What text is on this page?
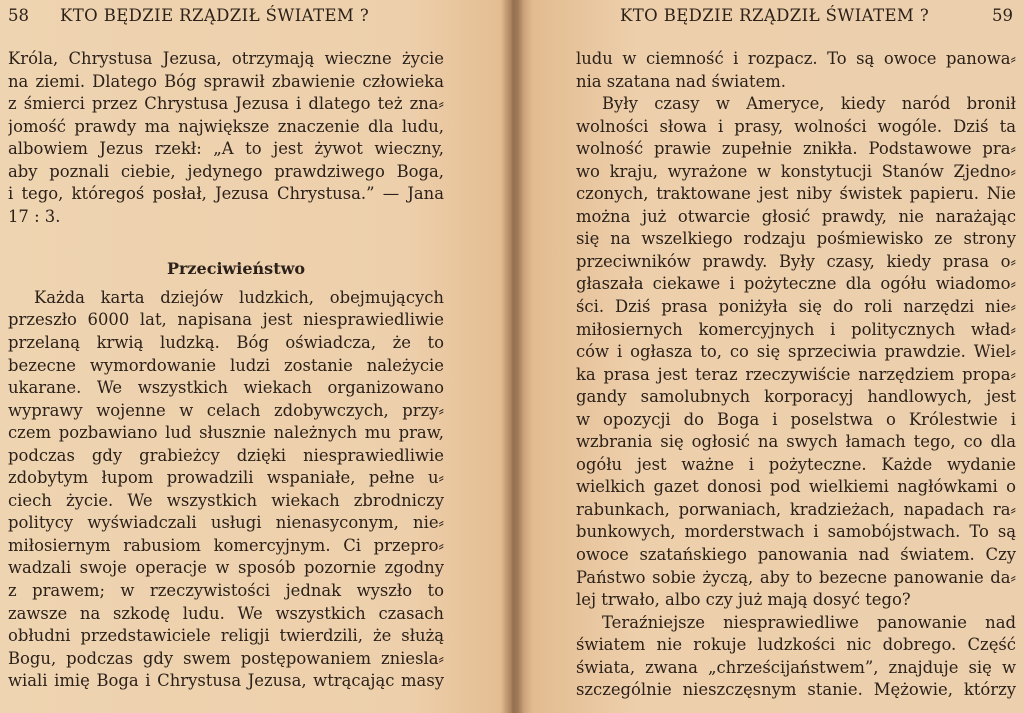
58 KTO BĘDZIE RZĄDZIŁ ŚWIATEM ?
Króla, Chrystusa Jezusa, otrzymają wieczne życie
na ziemi. Dlatego Bóg sprawił zbawienie człowieka
z śmierci przez Chrystusa Jezusa i dlatego też zna⸗
jomość prawdy ma największe znaczenie dla ludu,
albowiem Jezus rzekł: „A to jest żywot wieczny,
aby poznali ciebie, jedynego prawdziwego Boga,
i tego, któregoś posłał, Jezusa Chrystusa.” — Jana
17 : 3.
Przeciwieństwo
Każda karta dziejów ludzkich, obejmujących
przeszło 6000 lat, napisana jest niesprawiedliwie
przelaną krwią ludzką. Bóg oświadcza, że to
bezecne wymordowanie ludzi zostanie należycie
ukarane. We wszystkich wiekach organizowano
wyprawy wojenne w celach zdobywczych, przy⸗
czem pozbawiano lud słusznie należnych mu praw,
podczas gdy grabieżcy dzięki niesprawiedliwie
zdobytym łupom prowadzili wspaniałe, pełne u⸗
ciech życie. We wszystkich wiekach zbrodniczy
politycy wyświadczali usługi nienasyconym, nie⸗
miłosiernym rabusiom komercyjnym. Ci przepro⸗
wadzali swoje operacje w sposób pozornie zgodny
z prawem; w rzeczywistości jednak wyszło to
zawsze na szkodę ludu. We wszystkich czasach
obłudni przedstawiciele religji twierdzili, że służą
Bogu, podczas gdy swem postępowaniem zniesla⸗
wiali imię Boga i Chrystusa Jezusa, wtrącając masy
KTO BĘDZIE RZĄDZIŁ ŚWIATEM ?	59
ludu w ciemność i rozpacz. To są owoce panowa⸗
nia szatana nad światem.
Były czasy w Ameryce, kiedy naród bronił
wolności słowa i prasy, wolności wogóle. Dziś ta
wolność prawie zupełnie znikła. Podstawowe pra⸗
wo kraju, wyrażone w konstytucji Stanów Zjedno⸗
czonych, traktowane jest niby świstek papieru. Nie
można już otwarcie głosić prawdy, nie narażając
się na wszelkiego rodzaju pośmiewisko ze strony
przeciwników prawdy. Były czasy, kiedy prasa o⸗
głaszała ciekawe i pożyteczne dla ogółu wiadomo⸗
ści. Dziś prasa poniżyła się do roli narzędzi nie⸗
miłosiernych komercyjnych i politycznych wład⸗
ców i ogłasza to, co się sprzeciwia prawdzie. Wiel⸗
ka prasa jest teraz rzeczywiście narzędziem propa⸗
gandy samolubnych korporacyj handlowych, jest
w opozycji do Boga i poselstwa o Królestwie i
wzbrania się ogłosić na swych łamach tego, co dla
ogółu jest ważne i pożyteczne. Każde wydanie
wielkich gazet donosi pod wielkiemi nagłówkami o
rabunkach, porwaniach, kradzieżach, napadach ra⸗
bunkowych, morderstwach i samobójstwach. To są
owoce szatańskiego panowania nad światem. Czy
Państwo sobie życzą, aby to bezecne panowanie da⸗
lej trwało, albo czy już mają dosyć tego?
Teraźniejsze niesprawiedliwe panowanie nad
światem nie rokuje ludzkości nic dobrego. Część
świata, zwana „chrześcijaństwem”, znajduje się w
szczególnie nieszczęsnym stanie. Mężowie, którzy
